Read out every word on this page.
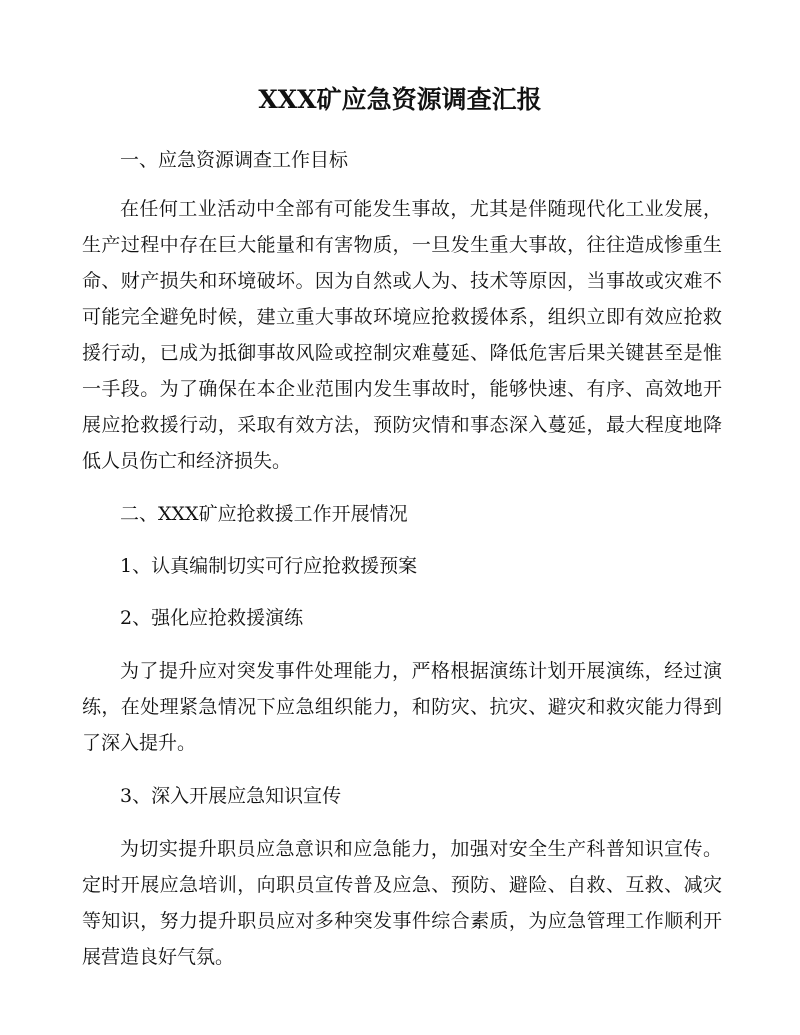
XXX矿应急资源调查汇报

一、应急资源调查工作目标

在任何工业活动中全部有可能发生事故，尤其是伴随现代化工业发展，生产过程中存在巨大能量和有害物质，一旦发生重大事故，往往造成惨重生命、财产损失和环境破坏。因为自然或人为、技术等原因，当事故或灾难不可能完全避免时候，建立重大事故环境应抢救援体系，组织立即有效应抢救援行动，已成为抵御事故风险或控制灾难蔓延、降低危害后果关键甚至是惟一手段。为了确保在本企业范围内发生事故时，能够快速、有序、高效地开展应抢救援行动，采取有效方法，预防灾情和事态深入蔓延，最大程度地降低人员伤亡和经济损失。

二、XXX矿应抢救援工作开展情况

1、认真编制切实可行应抢救援预案

2、强化应抢救援演练

为了提升应对突发事件处理能力，严格根据演练计划开展演练，经过演练，在处理紧急情况下应急组织能力，和防灾、抗灾、避灾和救灾能力得到了深入提升。

3、深入开展应急知识宣传

为切实提升职员应急意识和应急能力，加强对安全生产科普知识宣传。定时开展应急培训，向职员宣传普及应急、预防、避险、自救、互救、减灾等知识，努力提升职员应对多种突发事件综合素质，为应急管理工作顺利开展营造良好气氛。
